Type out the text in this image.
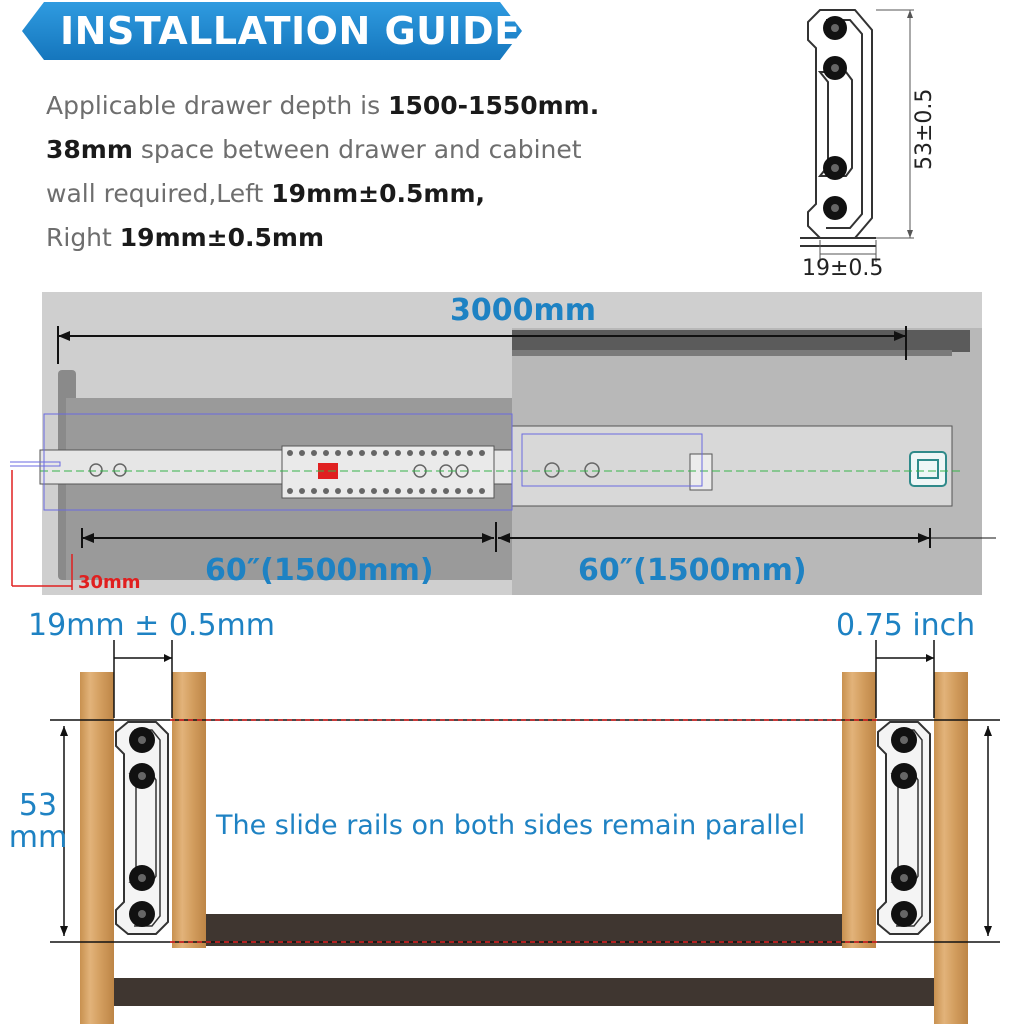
INSTALLATION GUIDE:
Applicable drawer depth is 1500-1550mm.
38mm space between drawer and cabinet
wall required,Left 19mm±0.5mm,
Right 19mm±0.5mm
53±0.5
19±0.5
3000mm
60″(1500mm)	60″(1500mm)
30mm
19mm ± 0.5mm	0.75 inch
53 mm	The slide rails on both sides remain parallel
